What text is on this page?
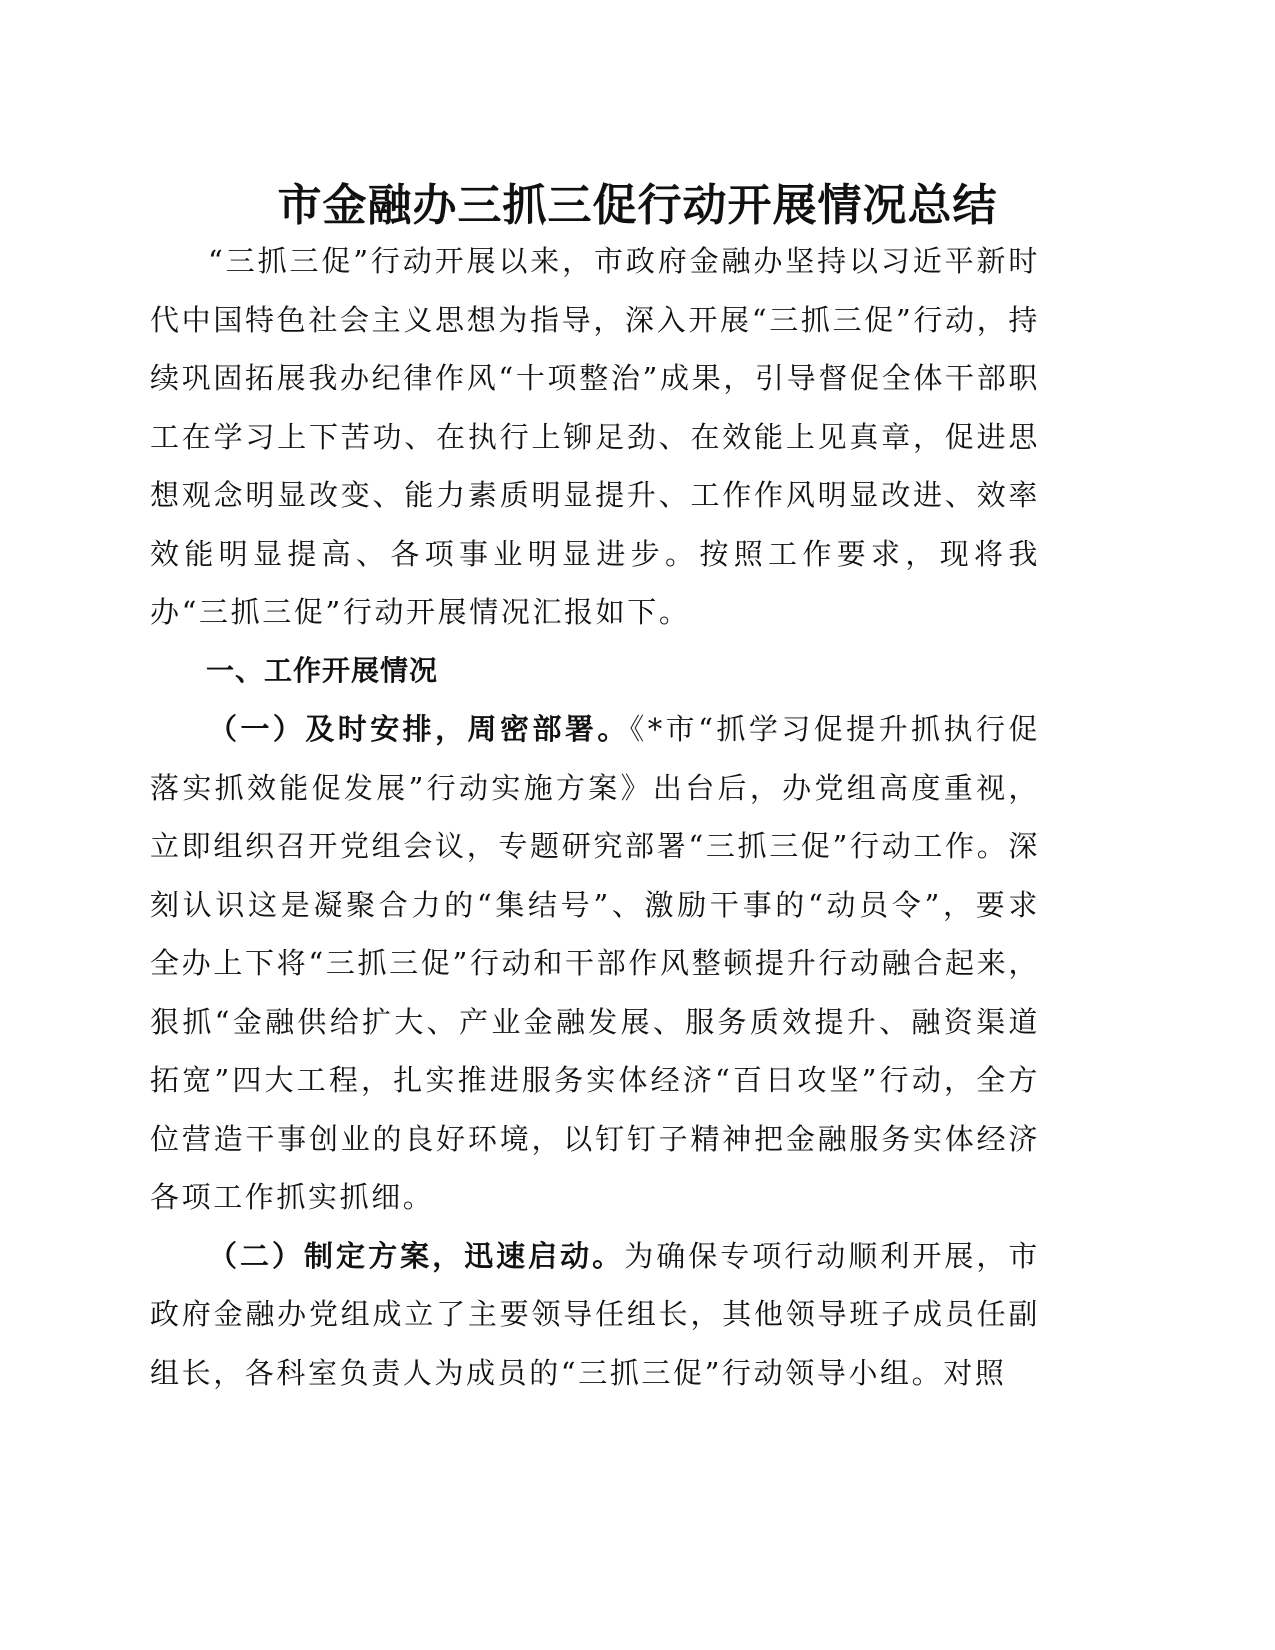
市金融办三抓三促行动开展情况总结

“三抓三促”行动开展以来，市政府金融办坚持以习近平新时代中国特色社会主义思想为指导，深入开展“三抓三促”行动，持续巩固拓展我办纪律作风“十项整治”成果，引导督促全体干部职工在学习上下苦功、在执行上铆足劲、在效能上见真章，促进思想观念明显改变、能力素质明显提升、工作作风明显改进、效率效能明显提高、各项事业明显进步。按照工作要求，现将我办“三抓三促”行动开展情况汇报如下。

一、工作开展情况

（一）及时安排，周密部署。《*市“抓学习促提升抓执行促落实抓效能促发展”行动实施方案》出台后，办党组高度重视，立即组织召开党组会议，专题研究部署“三抓三促”行动工作。深刻认识这是凝聚合力的“集结号”、激励干事的“动员令”，要求全办上下将“三抓三促”行动和干部作风整顿提升行动融合起来，狠抓“金融供给扩大、产业金融发展、服务质效提升、融资渠道拓宽”四大工程，扎实推进服务实体经济“百日攻坚”行动，全方位营造干事创业的良好环境，以钉钉子精神把金融服务实体经济各项工作抓实抓细。

（二）制定方案，迅速启动。为确保专项行动顺利开展，市政府金融办党组成立了主要领导任组长，其他领导班子成员任副组长，各科室负责人为成员的“三抓三促”行动领导小组。对照
